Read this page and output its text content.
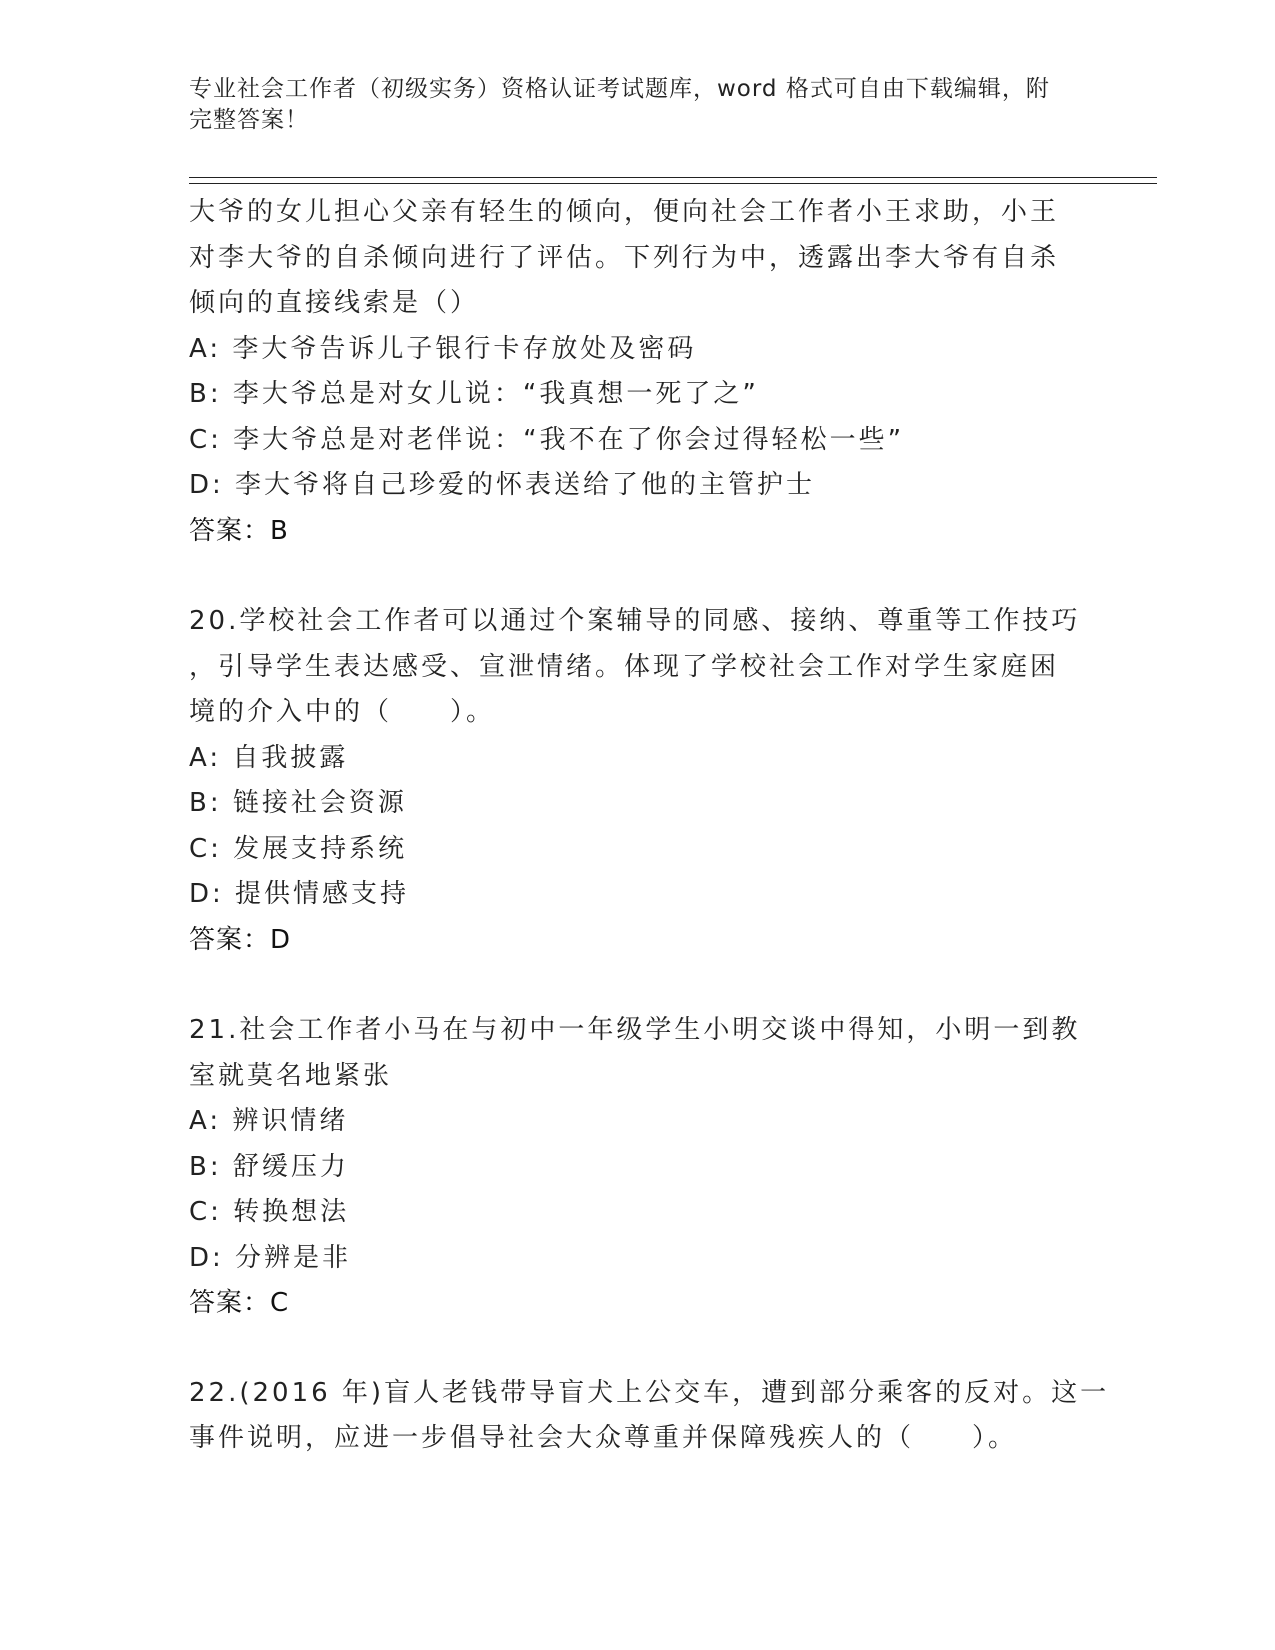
专业社会工作者（初级实务）资格认证考试题库，word 格式可自由下载编辑，附
完整答案！
大爷的女儿担心父亲有轻生的倾向，便向社会工作者小王求助，小王
对李大爷的自杀倾向进行了评估。下列行为中，透露出李大爷有自杀
倾向的直接线索是（）
A: 李大爷告诉儿子银行卡存放处及密码
B: 李大爷总是对女儿说：“我真想一死了之”
C: 李大爷总是对老伴说：“我不在了你会过得轻松一些”
D: 李大爷将自己珍爱的怀表送给了他的主管护士
答案：B
20.学校社会工作者可以通过个案辅导的同感、接纳、尊重等工作技巧
，引导学生表达感受、宣泄情绪。体现了学校社会工作对学生家庭困
境的介入中的（　　）。
A: 自我披露
B: 链接社会资源
C: 发展支持系统
D: 提供情感支持
答案：D
21.社会工作者小马在与初中一年级学生小明交谈中得知，小明一到教
室就莫名地紧张
A: 辨识情绪
B: 舒缓压力
C: 转换想法
D: 分辨是非
答案：C
22.(2016 年)盲人老钱带导盲犬上公交车，遭到部分乘客的反对。这一
事件说明，应进一步倡导社会大众尊重并保障残疾人的（　　）。
